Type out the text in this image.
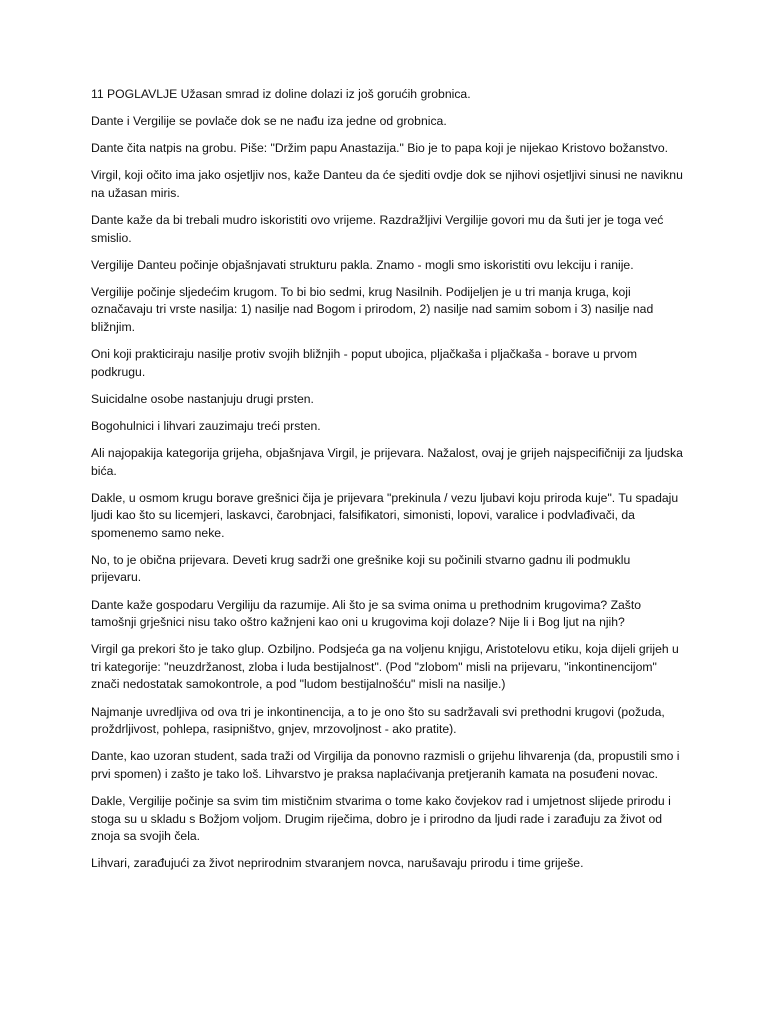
11 POGLAVLJE Užasan smrad iz doline dolazi iz još gorućih grobnica.

Dante i Vergilije se povlače dok se ne nađu iza jedne od grobnica.

Dante čita natpis na grobu. Piše: "Držim papu Anastazija." Bio je to papa koji je nijekao Kristovo božanstvo.

Virgil, koji očito ima jako osjetljiv nos, kaže Danteu da će sjediti ovdje dok se njihovi osjetljivi sinusi ne naviknu na užasan miris.

Dante kaže da bi trebali mudro iskoristiti ovo vrijeme. Razdražljivi Vergilije govori mu da šuti jer je toga već smislio.

Vergilije Danteu počinje objašnjavati strukturu pakla. Znamo - mogli smo iskoristiti ovu lekciju i ranije.

Vergilije počinje sljedećim krugom. To bi bio sedmi, krug Nasilnih. Podijeljen je u tri manja kruga, koji označavaju tri vrste nasilja: 1) nasilje nad Bogom i prirodom, 2) nasilje nad samim sobom i 3) nasilje nad bližnjim.

Oni koji prakticiraju nasilje protiv svojih bližnjih - poput ubojica, pljačkaša i pljačkaša - borave u prvom podkrugu.

Suicidalne osobe nastanjuju drugi prsten.

Bogohulnici i lihvari zauzimaju treći prsten.

Ali najopakija kategorija grijeha, objašnjava Virgil, je prijevara. Nažalost, ovaj je grijeh najspecifičniji za ljudska bića.

Dakle, u osmom krugu borave grešnici čija je prijevara "prekinula / vezu ljubavi koju priroda kuje". Tu spadaju ljudi kao što su licemjeri, laskavci, čarobnjaci, falsifikatori, simonisti, lopovi, varalice i podvlađivači, da spomenemo samo neke.

No, to je obična prijevara. Deveti krug sadrži one grešnike koji su počinili stvarno gadnu ili podmuklu prijevaru.

Dante kaže gospodaru Vergiliju da razumije. Ali što je sa svima onima u prethodnim krugovima? Zašto tamošnji grješnici nisu tako oštro kažnjeni kao oni u krugovima koji dolaze? Nije li i Bog ljut na njih?

Virgil ga prekori što je tako glup. Ozbiljno. Podsjeća ga na voljenu knjigu, Aristotelovu etiku, koja dijeli grijeh u tri kategorije: "neuzdržanost, zloba i luda bestijalnost". (Pod "zlobom" misli na prijevaru, "inkontinencijom" znači nedostatak samokontrole, a pod "ludom bestijalnošću" misli na nasilje.)

Najmanje uvredljiva od ova tri je inkontinencija, a to je ono što su sadržavali svi prethodni krugovi (požuda, proždrljivost, pohlepa, rasipništvo, gnjev, mrzovoljnost - ako pratite).

Dante, kao uzoran student, sada traži od Virgilija da ponovno razmisli o grijehu lihvarenja (da, propustili smo i prvi spomen) i zašto je tako loš. Lihvarstvo je praksa naplaćivanja pretjeranih kamata na posuđeni novac.

Dakle, Vergilije počinje sa svim tim mističnim stvarima o tome kako čovjekov rad i umjetnost slijede prirodu i stoga su u skladu s Božjom voljom. Drugim riječima, dobro je i prirodno da ljudi rade i zarađuju za život od znoja sa svojih čela.

Lihvari, zarađujući za život neprirodnim stvaranjem novca, narušavaju prirodu i time griješe.
